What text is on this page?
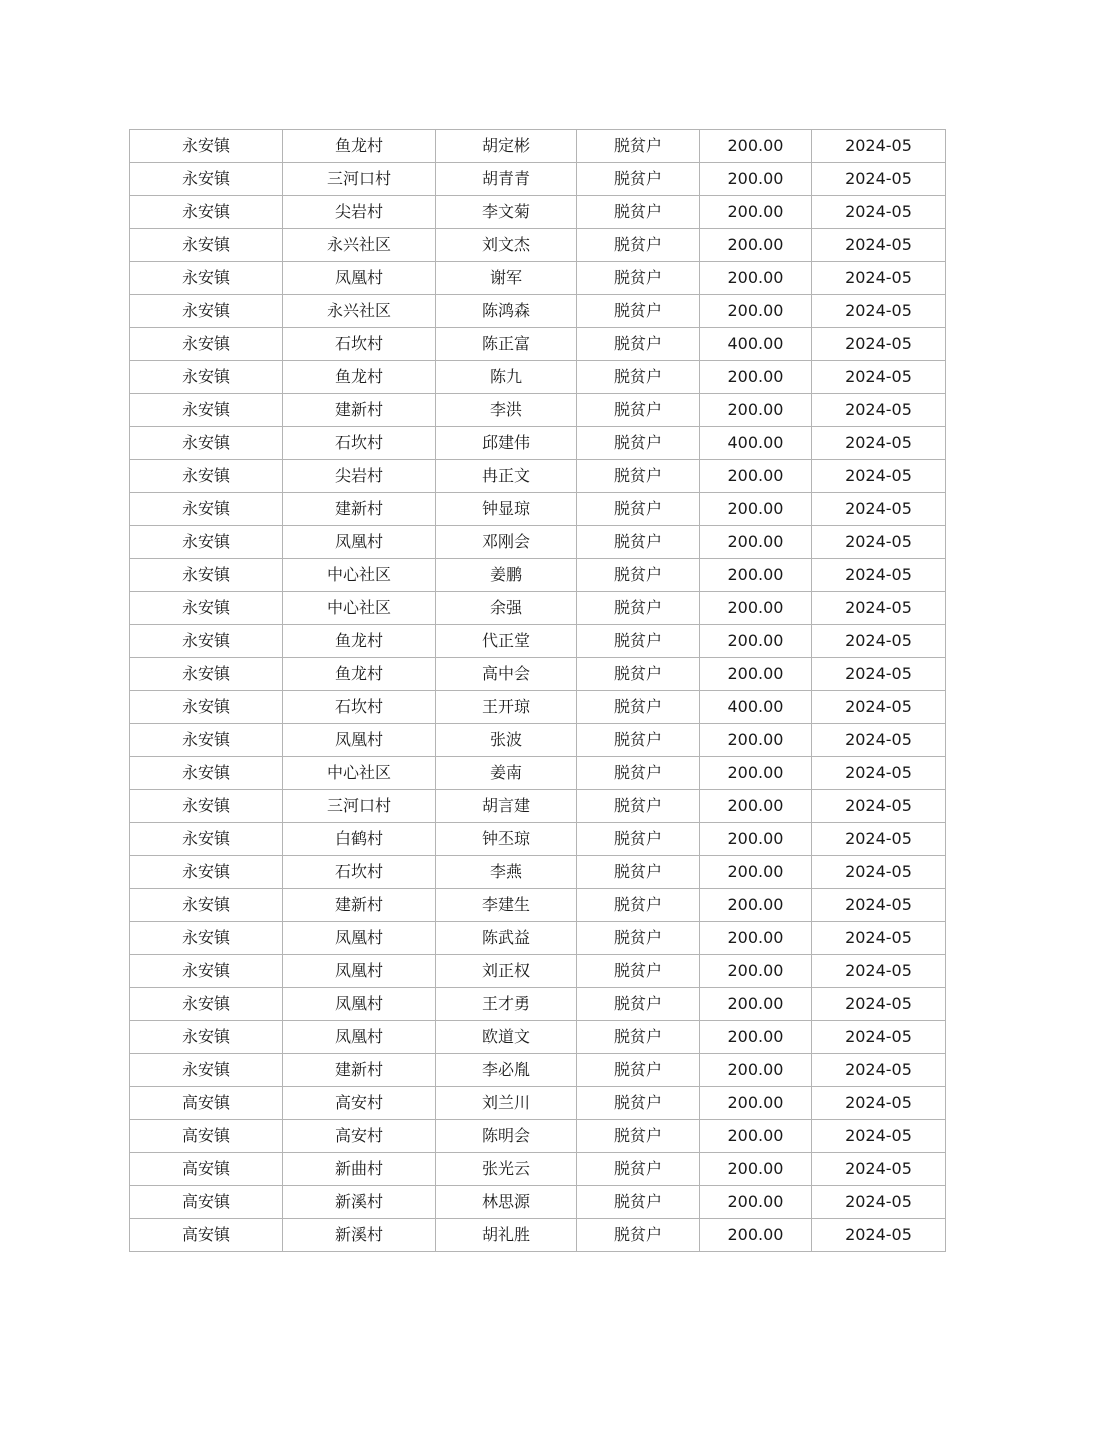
永安镇	鱼龙村	胡定彬	脱贫户	200.00	2024-05
永安镇	三河口村	胡青青	脱贫户	200.00	2024-05
永安镇	尖岩村	李文菊	脱贫户	200.00	2024-05
永安镇	永兴社区	刘文杰	脱贫户	200.00	2024-05
永安镇	凤凰村	谢军	脱贫户	200.00	2024-05
永安镇	永兴社区	陈鸿森	脱贫户	200.00	2024-05
永安镇	石坎村	陈正富	脱贫户	400.00	2024-05
永安镇	鱼龙村	陈九	脱贫户	200.00	2024-05
永安镇	建新村	李洪	脱贫户	200.00	2024-05
永安镇	石坎村	邱建伟	脱贫户	400.00	2024-05
永安镇	尖岩村	冉正文	脱贫户	200.00	2024-05
永安镇	建新村	钟显琼	脱贫户	200.00	2024-05
永安镇	凤凰村	邓刚会	脱贫户	200.00	2024-05
永安镇	中心社区	姜鹏	脱贫户	200.00	2024-05
永安镇	中心社区	余强	脱贫户	200.00	2024-05
永安镇	鱼龙村	代正堂	脱贫户	200.00	2024-05
永安镇	鱼龙村	高中会	脱贫户	200.00	2024-05
永安镇	石坎村	王开琼	脱贫户	400.00	2024-05
永安镇	凤凰村	张波	脱贫户	200.00	2024-05
永安镇	中心社区	姜南	脱贫户	200.00	2024-05
永安镇	三河口村	胡言建	脱贫户	200.00	2024-05
永安镇	白鹤村	钟丕琼	脱贫户	200.00	2024-05
永安镇	石坎村	李燕	脱贫户	200.00	2024-05
永安镇	建新村	李建生	脱贫户	200.00	2024-05
永安镇	凤凰村	陈武益	脱贫户	200.00	2024-05
永安镇	凤凰村	刘正权	脱贫户	200.00	2024-05
永安镇	凤凰村	王才勇	脱贫户	200.00	2024-05
永安镇	凤凰村	欧道文	脱贫户	200.00	2024-05
永安镇	建新村	李必胤	脱贫户	200.00	2024-05
高安镇	高安村	刘兰川	脱贫户	200.00	2024-05
高安镇	高安村	陈明会	脱贫户	200.00	2024-05
高安镇	新曲村	张光云	脱贫户	200.00	2024-05
高安镇	新溪村	林思源	脱贫户	200.00	2024-05
高安镇	新溪村	胡礼胜	脱贫户	200.00	2024-05
